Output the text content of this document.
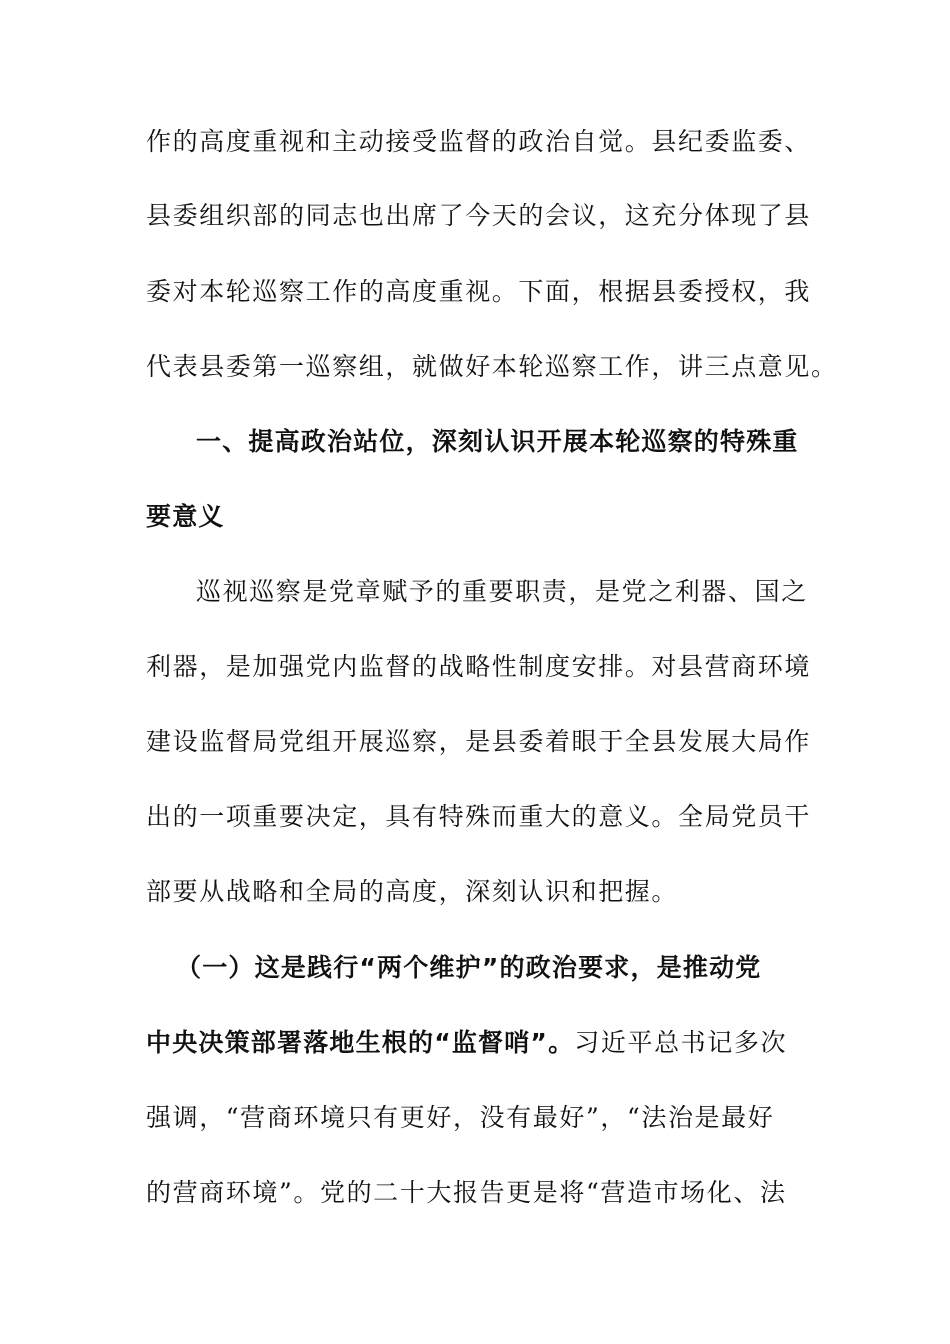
作的高度重视和主动接受监督的政治自觉。县纪委监委、
县委组织部的同志也出席了今天的会议，这充分体现了县
委对本轮巡察工作的高度重视。下面，根据县委授权，我
代表县委第一巡察组，就做好本轮巡察工作，讲三点意见。
一、提高政治站位，深刻认识开展本轮巡察的特殊重
要意义
巡视巡察是党章赋予的重要职责，是党之利器、国之
利器，是加强党内监督的战略性制度安排。对县营商环境
建设监督局党组开展巡察，是县委着眼于全县发展大局作
出的一项重要决定，具有特殊而重大的意义。全局党员干
部要从战略和全局的高度，深刻认识和把握。
（一）这是践行“两个维护”的政治要求，是推动党
中央决策部署落地生根的“监督哨”。习近平总书记多次
强调，“营商环境只有更好，没有最好”，“法治是最好
的营商环境”。党的二十大报告更是将“营造市场化、法
